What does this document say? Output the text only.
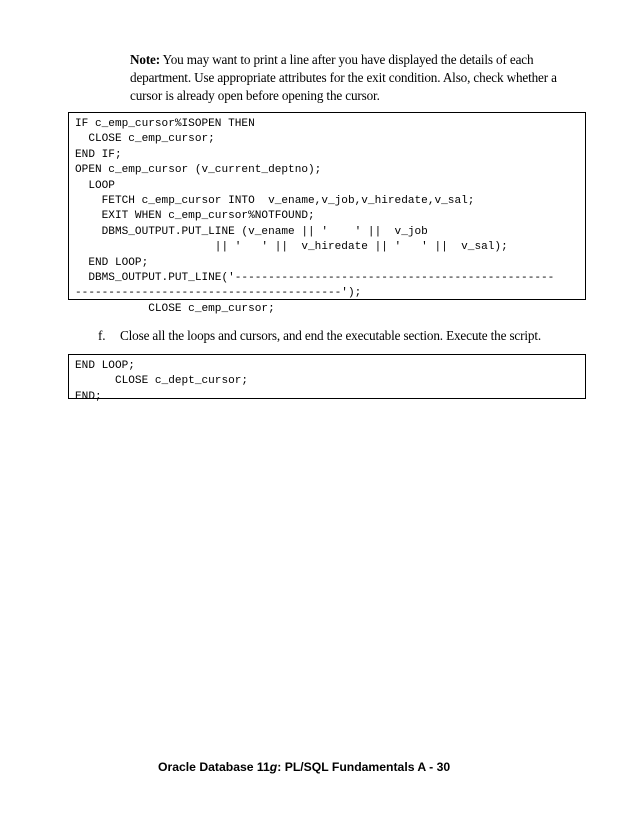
Note: You may want to print a line after you have displayed the details of each department. Use appropriate attributes for the exit condition. Also, check whether a cursor is already open before opening the cursor.
IF c_emp_cursor%ISOPEN THEN
CLOSE c_emp_cursor;
END IF;
OPEN c_emp_cursor (v_current_deptno);
LOOP
FETCH c_emp_cursor INTO  v_ename,v_job,v_hiredate,v_sal;
EXIT WHEN c_emp_cursor%NOTFOUND;
DBMS_OUTPUT.PUT_LINE (v_ename || '    ' ||  v_job
|| '   ' ||  v_hiredate || '   ' ||  v_sal);
END LOOP;
DBMS_OUTPUT.PUT_LINE('------------------------------------------------
----------------------------------------');
CLOSE c_emp_cursor;
f. Close all the loops and cursors, and end the executable section. Execute the script.
END LOOP;
CLOSE c_dept_cursor;
END;
Oracle Database 11g: PL/SQL Fundamentals A - 30
